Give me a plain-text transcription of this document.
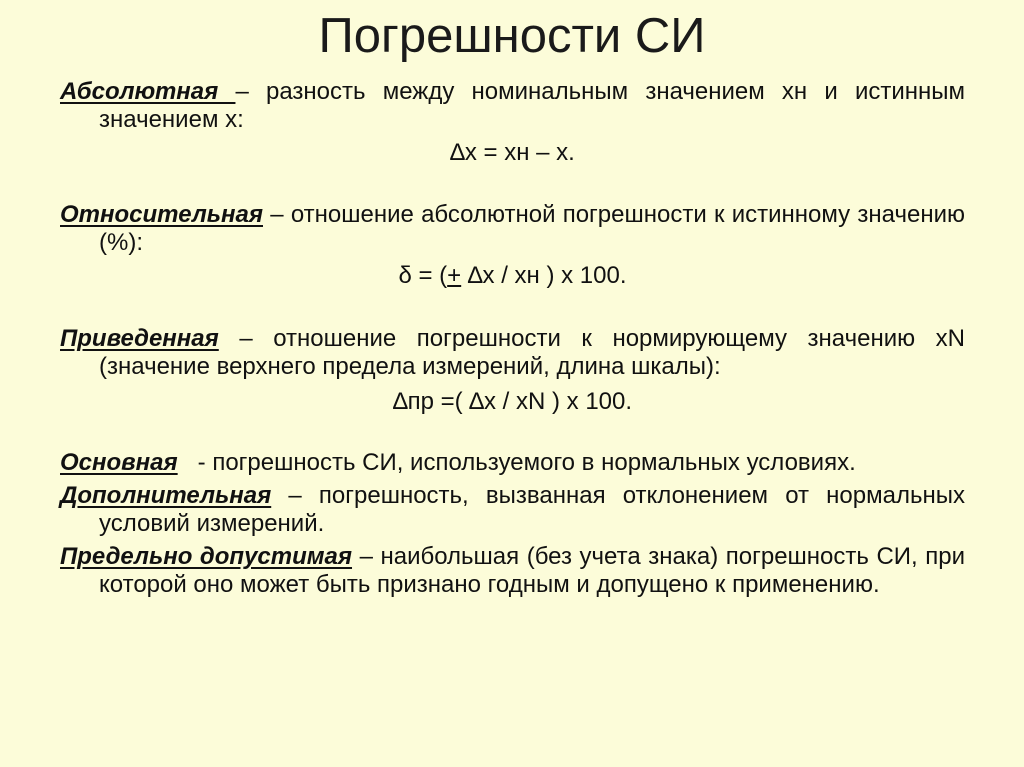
Погрешности СИ

Абсолютная – разность между номинальным значением хн и истинным значением х:

∆х = хн – х.

Относительная – отношение абсолютной погрешности к истинному значению (%):

δ = (+ ∆х / хн ) х 100.

Приведенная – отношение погрешности к нормирующему значению хN (значение верхнего предела измерений, длина шкалы):

∆пр =( ∆х / хN ) х 100.

Основная   - погрешность СИ, используемого в нормальных условиях.

Дополнительная – погрешность, вызванная отклонением от нормальных условий измерений.

Предельно допустимая – наибольшая (без учета знака) погрешность СИ, при которой оно может быть признано годным и допущено к применению.
